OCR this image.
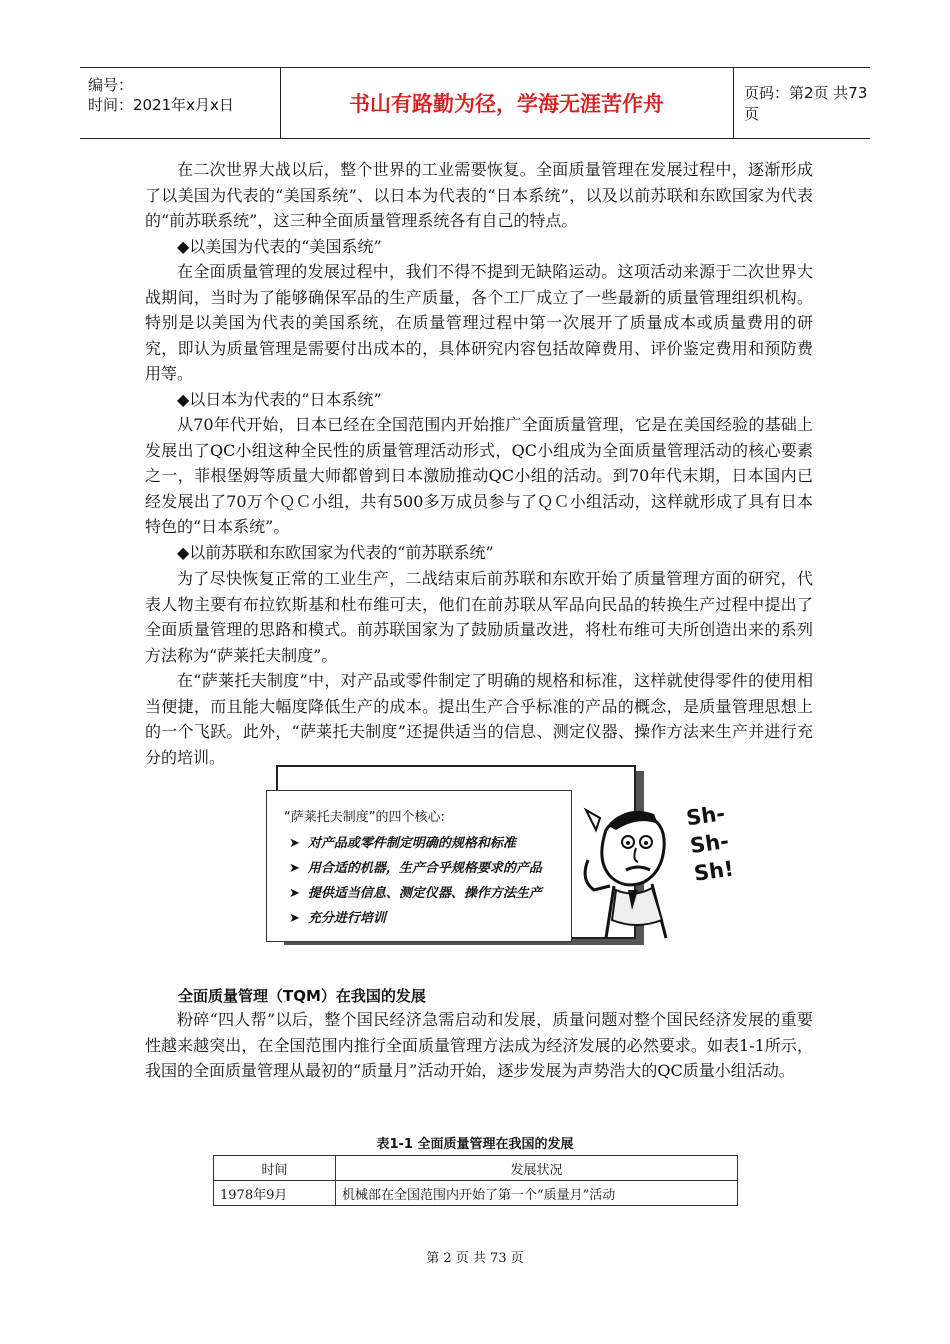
编号：
时间：2021年x月x日	书山有路勤为径，学海无涯苦作舟	页码：第2页 共73页

在二次世界大战以后，整个世界的工业需要恢复。全面质量管理在发展过程中，逐渐形成了以美国为代表的“美国系统”、以日本为代表的“日本系统”，以及以前苏联和东欧国家为代表的“前苏联系统”，这三种全面质量管理系统各有自己的特点。

◆以美国为代表的“美国系统”

在全面质量管理的发展过程中，我们不得不提到无缺陷运动。这项活动来源于二次世界大战期间，当时为了能够确保军品的生产质量，各个工厂成立了一些最新的质量管理组织机构。特别是以美国为代表的美国系统，在质量管理过程中第一次展开了质量成本或质量费用的研究，即认为质量管理是需要付出成本的，具体研究内容包括故障费用、评价鉴定费用和预防费用等。

◆以日本为代表的“日本系统”

从70年代开始，日本已经在全国范围内开始推广全面质量管理，它是在美国经验的基础上发展出了QC小组这种全民性的质量管理活动形式，QC小组成为全面质量管理活动的核心要素之一，菲根堡姆等质量大师都曾到日本激励推动QC小组的活动。到70年代末期，日本国内已经发展出了70万个ＱＣ小组，共有500多万成员参与了ＱＣ小组活动，这样就形成了具有日本特色的“日本系统”。

◆以前苏联和东欧国家为代表的“前苏联系统”

为了尽快恢复正常的工业生产，二战结束后前苏联和东欧开始了质量管理方面的研究，代表人物主要有布拉钦斯基和杜布维可夫，他们在前苏联从军品向民品的转换生产过程中提出了全面质量管理的思路和模式。前苏联国家为了鼓励质量改进，将杜布维可夫所创造出来的系列方法称为“萨莱托夫制度”。

在“萨莱托夫制度”中，对产品或零件制定了明确的规格和标准，这样就使得零件的使用相当便捷，而且能大幅度降低生产的成本。提出生产合乎标准的产品的概念，是质量管理思想上的一个飞跃。此外，“萨莱托夫制度”还提供适当的信息、测定仪器、操作方法来生产并进行充分的培训。

“萨莱托夫制度”的四个核心:
➤ 对产品或零件制定明确的规格和标准
➤ 用合适的机器，生产合乎规格要求的产品
➤ 提供适当信息、测定仪器、操作方法生产
➤ 充分进行培训
Sh-Sh-Sh!
全面质量管理（TQM）在我国的发展

粉碎“四人帮”以后，整个国民经济急需启动和发展，质量问题对整个国民经济发展的重要性越来越突出，在全国范围内推行全面质量管理方法成为经济发展的必然要求。如表1-1所示，我国的全面质量管理从最初的“质量月”活动开始，逐步发展为声势浩大的QC质量小组活动。

表1-1 全面质量管理在我国的发展
时间	发展状况
1978年9月	机械部在全国范围内开始了第一个“质量月”活动
第 2 页 共 73 页
